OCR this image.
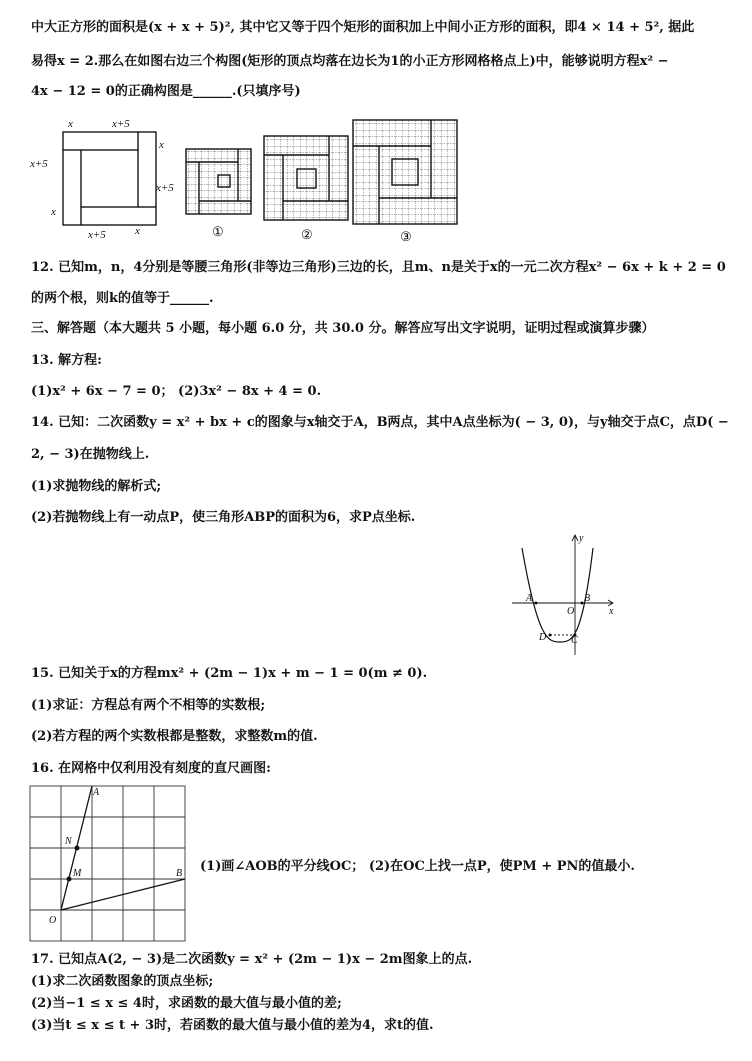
中大正方形的面积是(x + x + 5)², 其中它又等于四个矩形的面积加上中间小正方形的面积，即4 × 14 + 5², 据此
易得x = 2.那么在如图右边三个构图(矩形的顶点均落在边长为1的小正方形网格格点上)中，能够说明方程x² −
4x − 12 = 0的正确构图是______.(只填序号)
x	x+5
x+5
x
x
x+5
x+5	x	①	②	③
12. 已知m，n，4分别是等腰三角形(非等边三角形)三边的长，且m、n是关于x的一元二次方程x² − 6x + k + 2 = 0
的两个根，则k的值等于______.
三、解答题（本大题共 5 小题，每小题 6.0 分，共 30.0 分。解答应写出文字说明，证明过程或演算步骤）
13. 解方程:
(1)x² + 6x − 7 = 0； (2)3x² − 8x + 4 = 0.
14. 已知：二次函数y = x² + bx + c的图象与x轴交于A，B两点，其中A点坐标为( − 3, 0)，与y轴交于点C，点D( −
2, − 3)在抛物线上.
(1)求抛物线的解析式;
(2)若抛物线上有一动点P，使三角形ABP的面积为6，求P点坐标.
y
x
A	B
O
D C
15. 已知关于x的方程mx² + (2m − 1)x + m − 1 = 0(m ≠ 0).
(1)求证：方程总有两个不相等的实数根;
(2)若方程的两个实数根都是整数，求整数m的值.
16. 在网格中仅利用没有刻度的直尺画图:
A
N
M	B
O
(1)画∠AOB的平分线OC； (2)在OC上找一点P，使PM + PN的值最小.
17. 已知点A(2, − 3)是二次函数y = x² + (2m − 1)x − 2m图象上的点.
(1)求二次函数图象的顶点坐标;
(2)当−1 ≤ x ≤ 4时，求函数的最大值与最小值的差;
(3)当t ≤ x ≤ t + 3时，若函数的最大值与最小值的差为4，求t的值.
